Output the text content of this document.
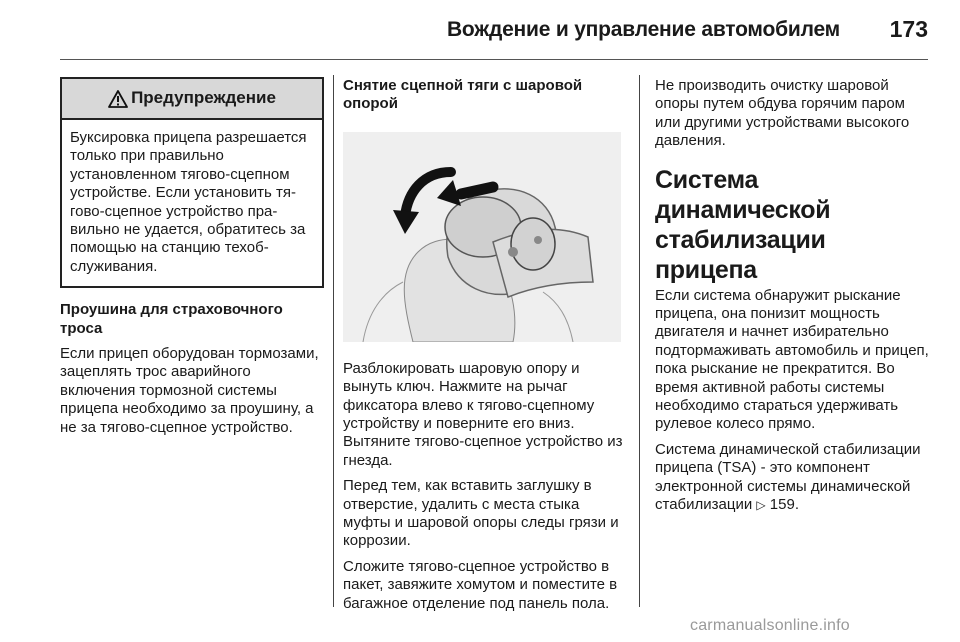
Вождение и управление автомобилем	173
Предупреждение
Буксировка прицепа разрешается только при правильно установленном тягово-сцепном устройстве. Если установить тягово-сцепное устройство правильно не удается, обратитесь за помощью на станцию техобслуживания.

Проушина для страховочного троса

Если прицеп оборудован тормозами, зацеплять трос аварийного включения тормозной системы прицепа необходимо за проушину, а не за тягово-сцепное устройство.

Снятие сцепной тяги с шаровой опорой

Разблокировать шаровую опору и вынуть ключ. Нажмите на рычаг фиксатора влево к тягово-сцепному устройству и поверните его вниз. Вытяните тягово-сцепное устройство из гнезда.

Перед тем, как вставить заглушку в отверстие, удалить с места стыка муфты и шаровой опоры следы грязи и коррозии.

Сложите тягово-сцепное устройство в пакет, завяжите хомутом и поместите в багажное отделение под панель пола.

Не производить очистку шаровой опоры путем обдува горячим паром или другими устройствами высокого давления.

Система динамической стабилизации прицепа

Если система обнаружит рыскание прицепа, она понизит мощность двигателя и начнет избирательно подтормаживать автомобиль и прицеп, пока рыскание не прекратится. Во время активной работы системы необходимо стараться удерживать рулевое колесо прямо.

Система динамической стабилизации прицепа (TSA) - это компонент электронной системы динамической стабилизации ▷ 159.

carmanualsonline.info
